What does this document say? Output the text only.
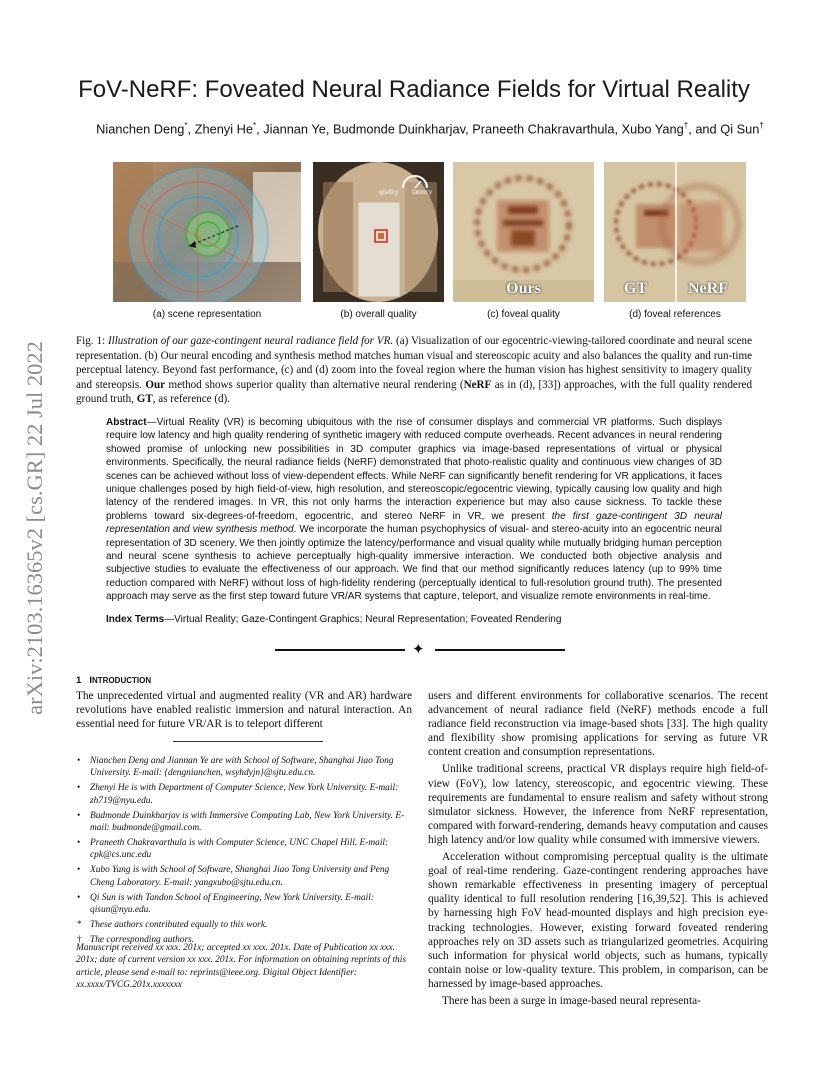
arXiv:2103.16365v2 [cs.GR] 22 Jul 2022
FoV-NeRF: Foveated Neural Radiance Fields for Virtual Reality
Nianchen Deng*, Zhenyi He*, Jiannan Ye, Budmonde Duinkharjav, Praneeth Chakravarthula, Xubo Yang†, and Qi Sun†
quality latency
Ours	GT	NeRF
(a) scene representation	(b) overall quality	(c) foveal quality	(d) foveal references
Fig. 1: Illustration of our gaze-contingent neural radiance field for VR. (a) Visualization of our egocentric-viewing-tailored coordinate and neural scene representation. (b) Our neural encoding and synthesis method matches human visual and stereoscopic acuity and also balances the quality and run-time perceptual latency. Beyond fast performance, (c) and (d) zoom into the foveal region where the human vision has highest sensitivity to imagery quality and stereopsis. Our method shows superior quality than alternative neural rendering (NeRF as in (d), [33]) approaches, with the full quality rendered ground truth, GT, as reference (d).
Abstract—Virtual Reality (VR) is becoming ubiquitous with the rise of consumer displays and commercial VR platforms. Such displays require low latency and high quality rendering of synthetic imagery with reduced compute overheads. Recent advances in neural rendering showed promise of unlocking new possibilities in 3D computer graphics via image-based representations of virtual or physical environments. Specifically, the neural radiance fields (NeRF) demonstrated that photo-realistic quality and continuous view changes of 3D scenes can be achieved without loss of view-dependent effects. While NeRF can significantly benefit rendering for VR applications, it faces unique challenges posed by high field-of-view, high resolution, and stereoscopic/egocentric viewing, typically causing low quality and high latency of the rendered images. In VR, this not only harms the interaction experience but may also cause sickness. To tackle these problems toward six-degrees-of-freedom, egocentric, and stereo NeRF in VR, we present the first gaze-contingent 3D neural representation and view synthesis method. We incorporate the human psychophysics of visual- and stereo-acuity into an egocentric neural representation of 3D scenery. We then jointly optimize the latency/performance and visual quality while mutually bridging human perception and neural scene synthesis to achieve perceptually high-quality immersive interaction. We conducted both objective analysis and subjective studies to evaluate the effectiveness of our approach. We find that our method significantly reduces latency (up to 99% time reduction compared with NeRF) without loss of high-fidelity rendering (perceptually identical to full-resolution ground truth). The presented approach may serve as the first step toward future VR/AR systems that capture, teleport, and visualize remote environments in real-time.
Index Terms—Virtual Reality; Gaze-Contingent Graphics; Neural Representation; Foveated Rendering
✦
1 INTRODUCTION

The unprecedented virtual and augmented reality (VR and AR) hardware revolutions have enabled realistic immersion and natural interaction. An essential need for future VR/AR is to teleport different

• Nianchen Deng and Jiannan Ye are with School of Software, Shanghai Jiao Tong University. E-mail: {dengnianchen, wsyhdyjn}@sjtu.edu.cn.
• Zhenyi He is with Department of Computer Science, New York University. E-mail: zh719@nyu.edu.
• Budmonde Duinkharjav is with Immersive Computing Lab, New York University. E-mail: budmonde@gmail.com.
• Praneeth Chakravarthula is with Computer Science, UNC Chapel Hill. E-mail: cpk@cs.unc.edu
• Xubo Yang is with School of Software, Shanghai Jiao Tong University and Peng Cheng Laboratory. E-mail: yangxubo@sjtu.edu.cn.
• Qi Sun is with Tandon School of Engineering, New York University. E-mail: qisun@nyu.edu.
* These authors contributed equally to this work.
† The corresponding authors.
Manuscript received xx xxx. 201x; accepted xx xxx. 201x. Date of Publication xx xxx. 201x; date of current version xx xxx. 201x. For information on obtaining reprints of this article, please send e-mail to: reprints@ieee.org. Digital Object Identifier: xx.xxxx/TVCG.201x.xxxxxxx

users and different environments for collaborative scenarios. The recent advancement of neural radiance field (NeRF) methods encode a full radiance field reconstruction via image-based shots [33]. The high quality and flexibility show promising applications for serving as future VR content creation and consumption representations.

Unlike traditional screens, practical VR displays require high field-of-view (FoV), low latency, stereoscopic, and egocentric viewing. These requirements are fundamental to ensure realism and safety without strong simulator sickness. However, the inference from NeRF representation, compared with forward-rendering, demands heavy computation and causes high latency and/or low quality while consumed with immersive viewers.

Acceleration without compromising perceptual quality is the ultimate goal of real-time rendering. Gaze-contingent rendering approaches have shown remarkable effectiveness in presenting imagery of perceptual quality identical to full resolution rendering [16,39,52]. This is achieved by harnessing high FoV head-mounted displays and high precision eye-tracking technologies. However, existing forward foveated rendering approaches rely on 3D assets such as triangularized geometries. Acquiring such information for physical world objects, such as humans, typically contain noise or low-quality texture. This problem, in comparison, can be harnessed by image-based approaches.

There has been a surge in image-based neural representa-
